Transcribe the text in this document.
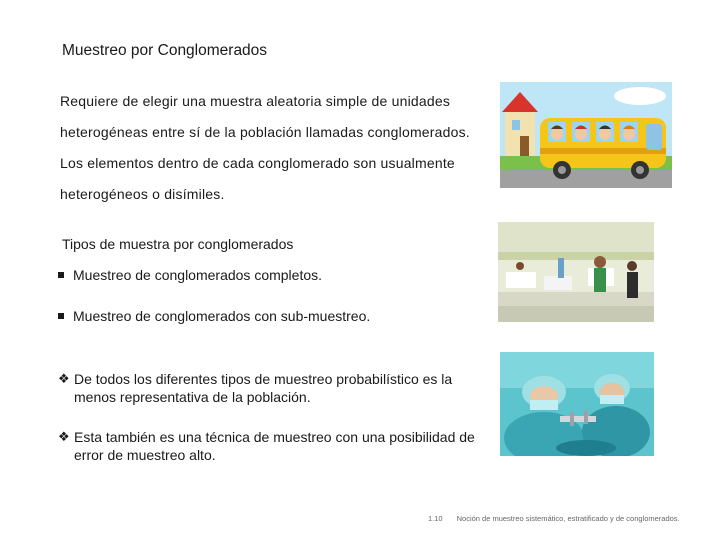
Muestreo por Conglomerados

Requiere de elegir una muestra aleatoria simple de unidades

heterogéneas entre sí de la población llamadas conglomerados.

Los elementos dentro de cada conglomerado son usualmente

heterogéneos o disímiles.

Tipos de muestra por conglomerados
Muestreo de conglomerados completos.
Muestreo de conglomerados con sub-muestreo.
❖ De todos los diferentes tipos de muestreo probabilístico es la menos representativa de la población.
❖ Esta también es una técnica de muestreo con una posibilidad de error de muestreo alto.
1.10 Noción de muestreo sistemático, estratificado y de conglomerados.
